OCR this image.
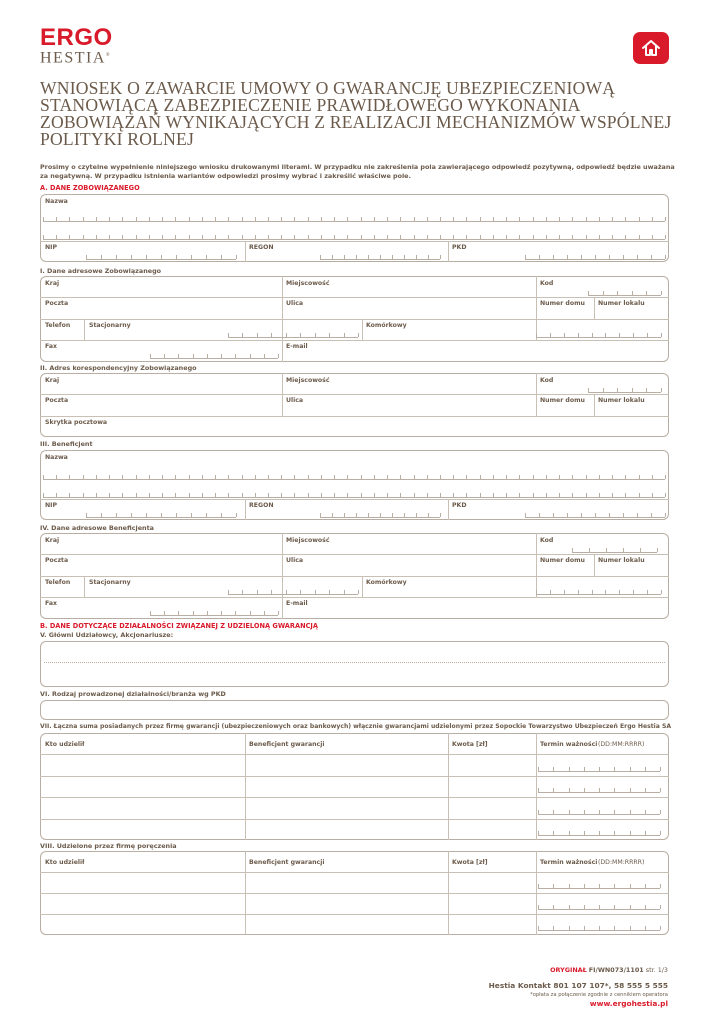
ERGO
HESTIA®
WNIOSEK O ZAWARCIE UMOWY O GWARANCJĘ UBEZPIECZENIOWĄ STANOWIĄCĄ ZABEZPIECZENIE PRAWIDŁOWEGO WYKONANIA ZOBOWIĄZAŃ WYNIKAJĄCYCH Z REALIZACJI MECHANIZMÓW WSPÓLNEJ POLITYKI ROLNEJ
Prosimy o czytelne wypełnienie niniejszego wniosku drukowanymi literami. W przypadku nie zakreślenia pola zawierającego odpowiedź pozytywną, odpowiedź będzie uważana za negatywną. W przypadku istnienia wariantów odpowiedzi prosimy wybrać i zakreślić właściwe pole.
A. DANE ZOBOWIĄZANEGO
Nazwa
NIP	REGON	PKD
I. Dane adresowe Zobowiązanego
Kraj	Miejscowość	Kod
Poczta	Ulica	Numer domu Numer lokalu
Telefon	Stacjonarny	Komórkowy
Fax	E-mail
II. Adres korespondencyjny Zobowiązanego
Kraj	Miejscowość	Kod
Poczta	Ulica	Numer domu Numer lokalu
Skrytka pocztowa
III. Beneficjent
Nazwa
NIP	REGON	PKD
IV. Dane adresowe Beneficjenta
Kraj	Miejscowość	Kod
Poczta	Ulica	Numer domu Numer lokalu
Telefon	Stacjonarny	Komórkowy
Fax	E-mail
B. DANE DOTYCZĄCE DZIAŁALNOŚCI ZWIĄZANEJ Z UDZIELONĄ GWARANCJĄ
V. Główni Udziałowcy, Akcjonariusze:
VI. Rodzaj prowadzonej działalności/branża wg PKD
VII. Łączna suma posiadanych przez firmę gwarancji (ubezpieczeniowych oraz bankowych) włącznie gwarancjami udzielonymi przez Sopockie Towarzystwo Ubezpieczeń Ergo Hestia SA
VIII. Udzielone przez firmę poręczenia
ORYGINAŁ FI/WN073/1101 str. 1/3
Hestia Kontakt 801 107 107*, 58 555 5 555
*opłata za połączenie zgodnie z cennikiem operatora
www.ergohestia.pl
Kto udzielił	Beneficjent gwarancji	Kwota [zł]	Termin ważności (DD:MM:RRRR)
Kto udzielił	Beneficjent gwarancji	Kwota [zł]	Termin ważności (DD:MM:RRRR)
